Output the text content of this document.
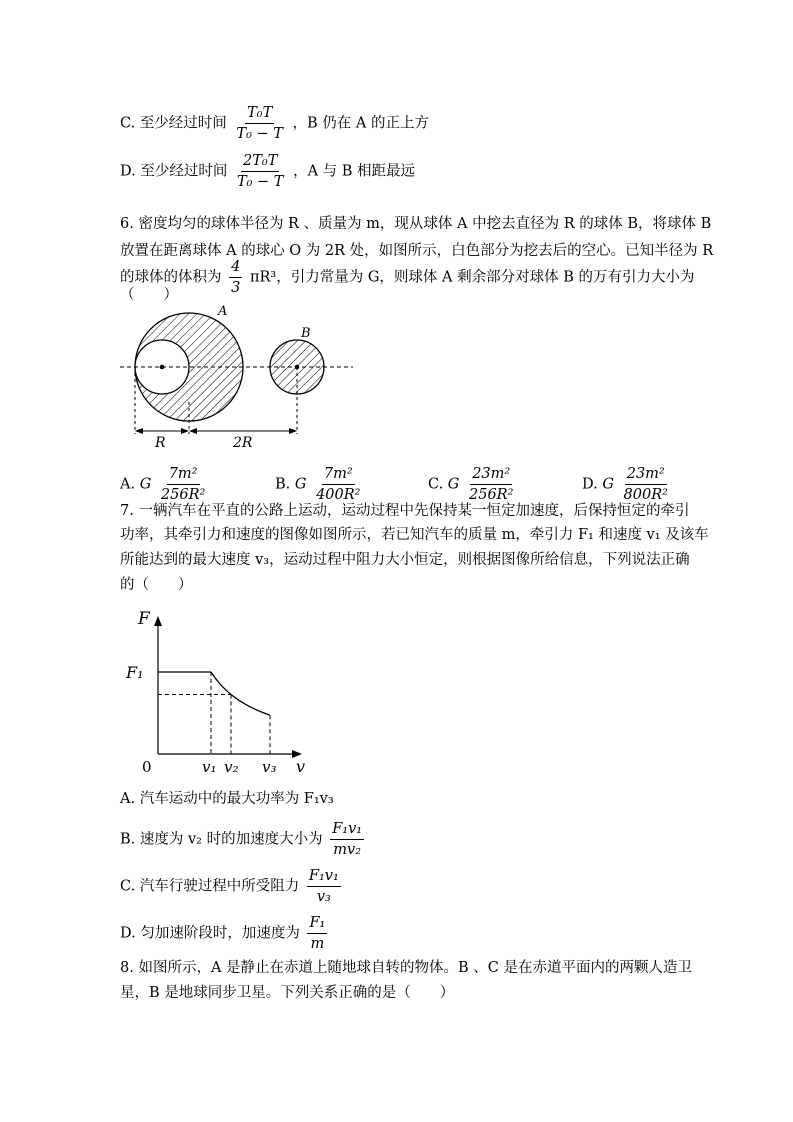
C. 至少经过时间 $\frac{\text{T₀T}}{\text{T₀ − T}}$ ，B 仍在 A 的正上方
D. 至少经过时间 $\frac{\text{2T₀T}}{\text{T₀ − T}}$ ，A 与 B 相距最远
6. 密度均匀的球体半径为 R 、质量为 m，现从球体 A 中挖去直径为 R 的球体 B，将球体 B
放置在距离球体 A 的球心 O 为 2R 处，如图所示，白色部分为挖去后的空心。已知半径为 R
的球体的体积为 $\frac{4}{3} \pi R^3$，引力常量为 G，则球体 A 剩余部分对球体 B 的万有引力大小为
（　　）
A
B
R	2R
A. G $\frac{\text{7m²}}{\text{256R²}}$	B. G $\frac{\text{7m²}}{\text{400R²}}$	C. G $\frac{\text{23m²}}{\text{256R²}}$	D. G $\frac{\text{23m²}}{\text{800R²}}$
7. 一辆汽车在平直的公路上运动，运动过程中先保持某一恒定加速度，后保持恒定的牵引
功率，其牵引力和速度的图像如图所示，若已知汽车的质量 m，牵引力 F₁ 和速度 v₁ 及该车
所能达到的最大速度 v₃，运动过程中阻力大小恒定，则根据图像所给信息，下列说法正确
的（　　）
F
F₁
0	v₁ v₂ v₃ v
A. 汽车运动中的最大功率为 F₁v₃
B. 速度为 v₂ 时的加速度大小为 $\frac{\text{F₁v₁}}{\text{mv₂}}$
C. 汽车行驶过程中所受阻力 $\frac{\text{F₁v₁}}{\text{v₃}}$
D. 匀加速阶段时，加速度为 $\frac{\text{F₁}}{m}$
8. 如图所示，A 是静止在赤道上随地球自转的物体。B 、C 是在赤道平面内的两颗人造卫
星，B 是地球同步卫星。下列关系正确的是（　　）
